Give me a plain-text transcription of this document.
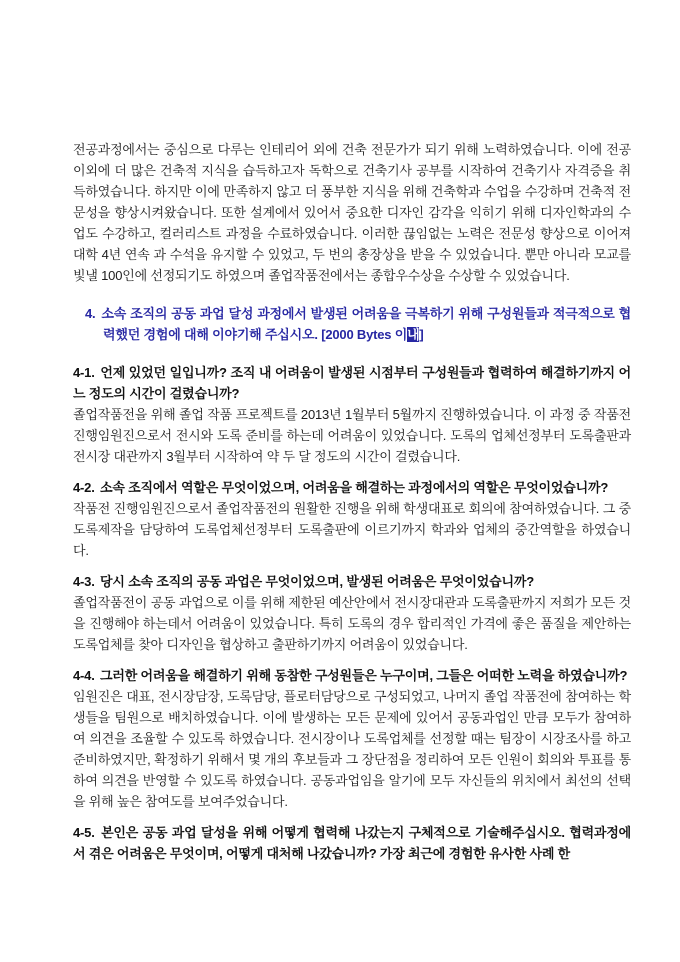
전공과정에서는 중심으로 다루는 인테리어 외에 건축 전문가가 되기 위해 노력하였습니다. 이에 전공 이외에 더 많은 건축적 지식을 습득하고자 독학으로 건축기사 공부를 시작하여 건축기사 자격증을 취득하였습니다. 하지만 이에 만족하지 않고 더 풍부한 지식을 위해 건축학과 수업을 수강하며 건축적 전문성을 향상시켜왔습니다. 또한 설계에서 있어서 중요한 디자인 감각을 익히기 위해 디자인학과의 수업도 수강하고, 컬러리스트 과정을 수료하였습니다. 이러한 끊임없는 노력은 전문성 향상으로 이어져 대학 4년 연속 과 수석을 유지할 수 있었고, 두 번의 총장상을 받을 수 있었습니다. 뿐만 아니라 모교를 빛낼 100인에 선정되기도 하였으며 졸업작품전에서는 종합우수상을 수상할 수 있었습니다.

4. 소속 조직의 공동 과업 달성 과정에서 발생된 어려움을 극복하기 위해 구성원들과 적극적으로 협력했던 경험에 대해 이야기해 주십시오. [2000 Bytes 이내]
4-1. 언제 있었던 일입니까? 조직 내 어려움이 발생된 시점부터 구성원들과 협력하여 해결하기까지 어느 정도의 시간이 걸렸습니까?
졸업작품전을 위해 졸업 작품 프로젝트를 2013년 1월부터 5월까지 진행하였습니다. 이 과정 중 작품전 진행임원진으로서 전시와 도록 준비를 하는데 어려움이 있었습니다. 도록의 업체선정부터 도록출판과 전시장 대관까지 3월부터 시작하여 약 두 달 정도의 시간이 걸렸습니다.
4-2. 소속 조직에서 역할은 무엇이었으며, 어려움을 해결하는 과정에서의 역할은 무엇이었습니까?
작품전 진행임원진으로서 졸업작품전의 원활한 진행을 위해 학생대표로 회의에 참여하였습니다. 그 중 도록제작을 담당하여 도록업체선정부터 도록출판에 이르기까지 학과와 업체의 중간역할을 하였습니다.
4-3. 당시 소속 조직의 공동 과업은 무엇이었으며, 발생된 어려움은 무엇이었습니까?
졸업작품전이 공동 과업으로 이를 위해 제한된 예산안에서 전시장대관과 도록출판까지 저희가 모든 것을 진행해야 하는데서 어려움이 있었습니다. 특히 도록의 경우 합리적인 가격에 좋은 품질을 제안하는 도록업체를 찾아 디자인을 협상하고 출판하기까지 어려움이 있었습니다.
4-4. 그러한 어려움을 해결하기 위해 동참한 구성원들은 누구이며, 그들은 어떠한 노력을 하였습니까?
임원진은 대표, 전시장담장, 도록담당, 플로터담당으로 구성되었고, 나머지 졸업 작품전에 참여하는 학생들을 팀원으로 배치하였습니다. 이에 발생하는 모든 문제에 있어서 공동과업인 만큼 모두가 참여하여 의견을 조율할 수 있도록 하였습니다. 전시장이나 도록업체를 선정할 때는 팀장이 시장조사를 하고 준비하였지만, 확정하기 위해서 몇 개의 후보들과 그 장단점을 정리하여 모든 인원이 회의와 투표를 통하여 의견을 반영할 수 있도록 하였습니다. 공동과업임을 알기에 모두 자신들의 위치에서 최선의 선택을 위해 높은 참여도를 보여주었습니다.
4-5. 본인은 공동 과업 달성을 위해 어떻게 협력해 나갔는지 구체적으로 기술해주십시오. 협력과정에서 겪은 어려움은 무엇이며, 어떻게 대처해 나갔습니까? 가장 최근에 경험한 유사한 사례 한
